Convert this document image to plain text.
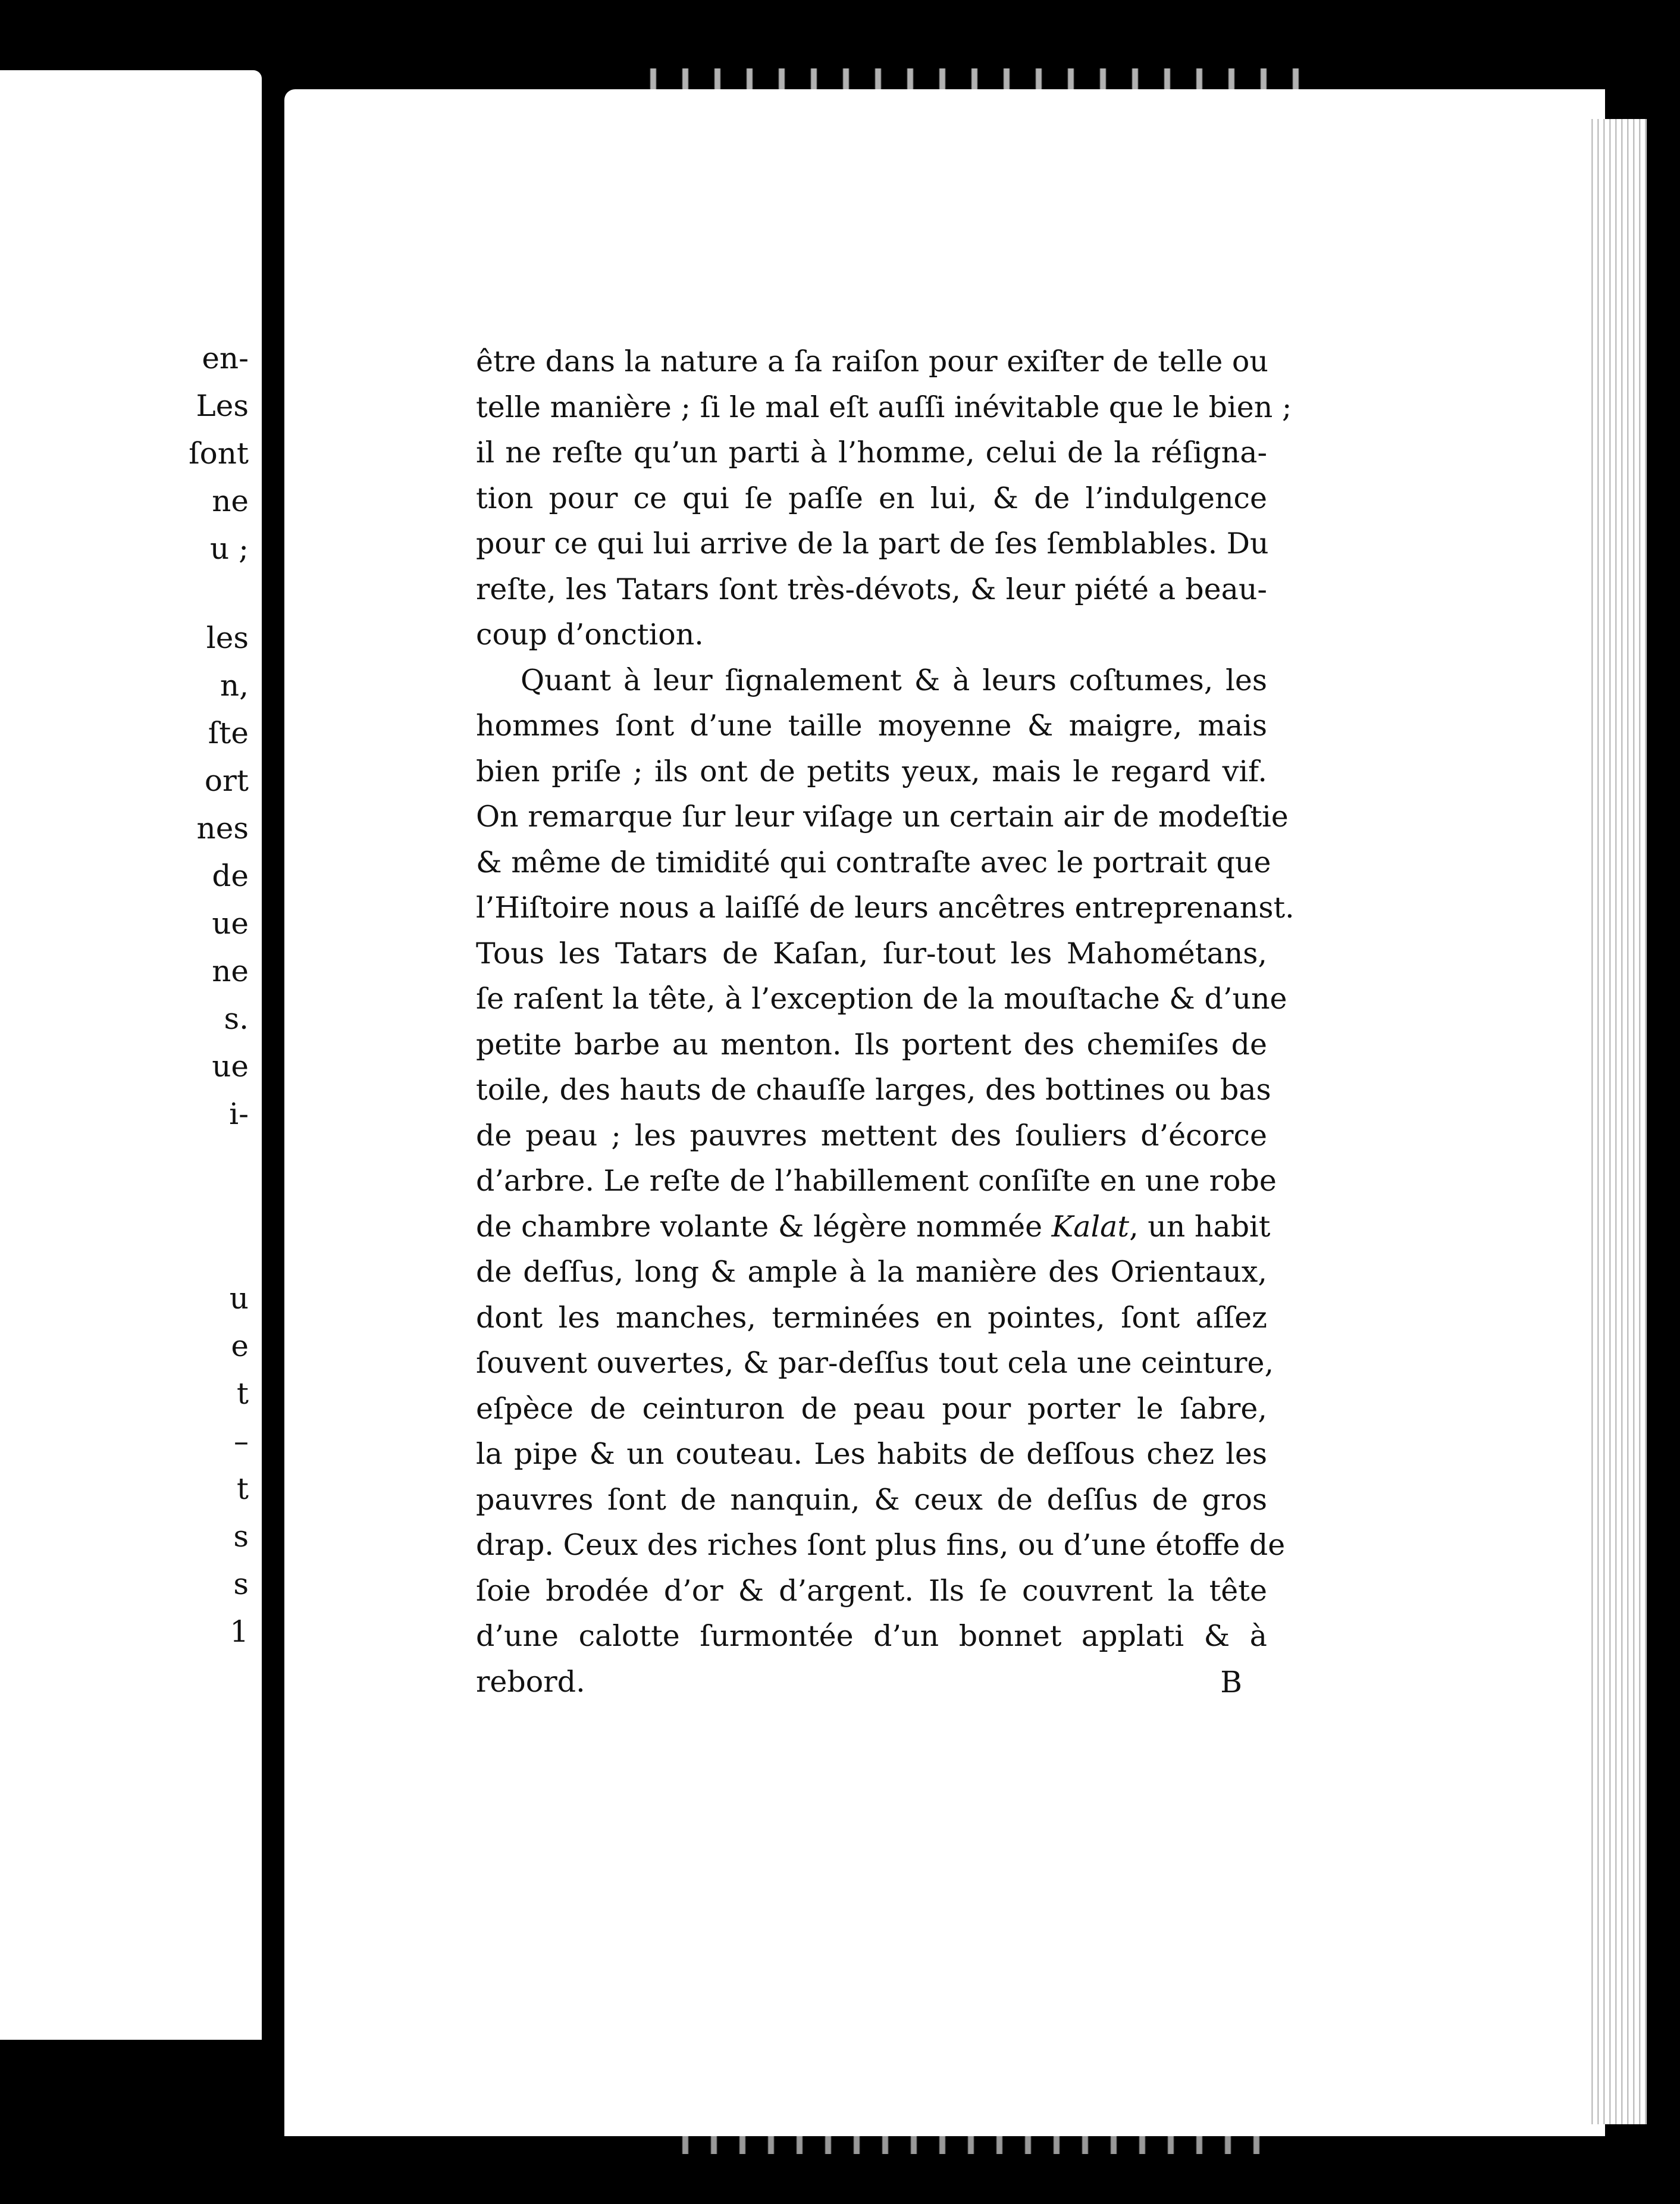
en-
Les
ſont
ne
u ;
les
n,
ſte
ort
nes
de
ue
ne
s.
ue
i-
u
e
t
–
t
s
s
1
être dans la nature a ſa raiſon pour exiſter de telle ou
telle manière ; ſi le mal eſt auſſi inévitable que le bien ;
il ne reſte qu’un parti à l’homme, celui de la réſigna-
tion pour ce qui ſe paſſe en lui, & de l’indulgence
pour ce qui lui arrive de la part de ſes ſemblables. Du
reſte, les Tatars ſont très-dévots, & leur piété a beau-
coup d’onction.
Quant à leur ſignalement & à leurs coſtumes, les
hommes ſont d’une taille moyenne & maigre, mais
bien priſe ; ils ont de petits yeux, mais le regard vif.
On remarque ſur leur viſage un certain air de modeſtie
& même de timidité qui contraſte avec le portrait que
l’Hiſtoire nous a laiſſé de leurs ancêtres entreprenanst.
Tous les Tatars de Kaſan, ſur-tout les Mahométans,
ſe raſent la tête, à l’exception de la mouſtache & d’une
petite barbe au menton. Ils portent des chemiſes de
toile, des hauts de chauſſe larges, des bottines ou bas
de peau ; les pauvres mettent des ſouliers d’écorce
d’arbre. Le reſte de l’habillement conſiſte en une robe
de chambre volante & légère nommée Kalat, un habit
de deſſus, long & ample à la manière des Orientaux,
dont les manches, terminées en pointes, ſont aſſez
ſouvent ouvertes, & par-deſſus tout cela une ceinture,
eſpèce de ceinturon de peau pour porter le ſabre,
la pipe & un couteau. Les habits de deſſous chez les
pauvres ſont de nanquin, & ceux de deſſus de gros
drap. Ceux des riches ſont plus fins, ou d’une étoffe de
ſoie brodée d’or & d’argent. Ils ſe couvrent la tête
d’une calotte ſurmontée d’un bonnet applati & à
rebord.	B
